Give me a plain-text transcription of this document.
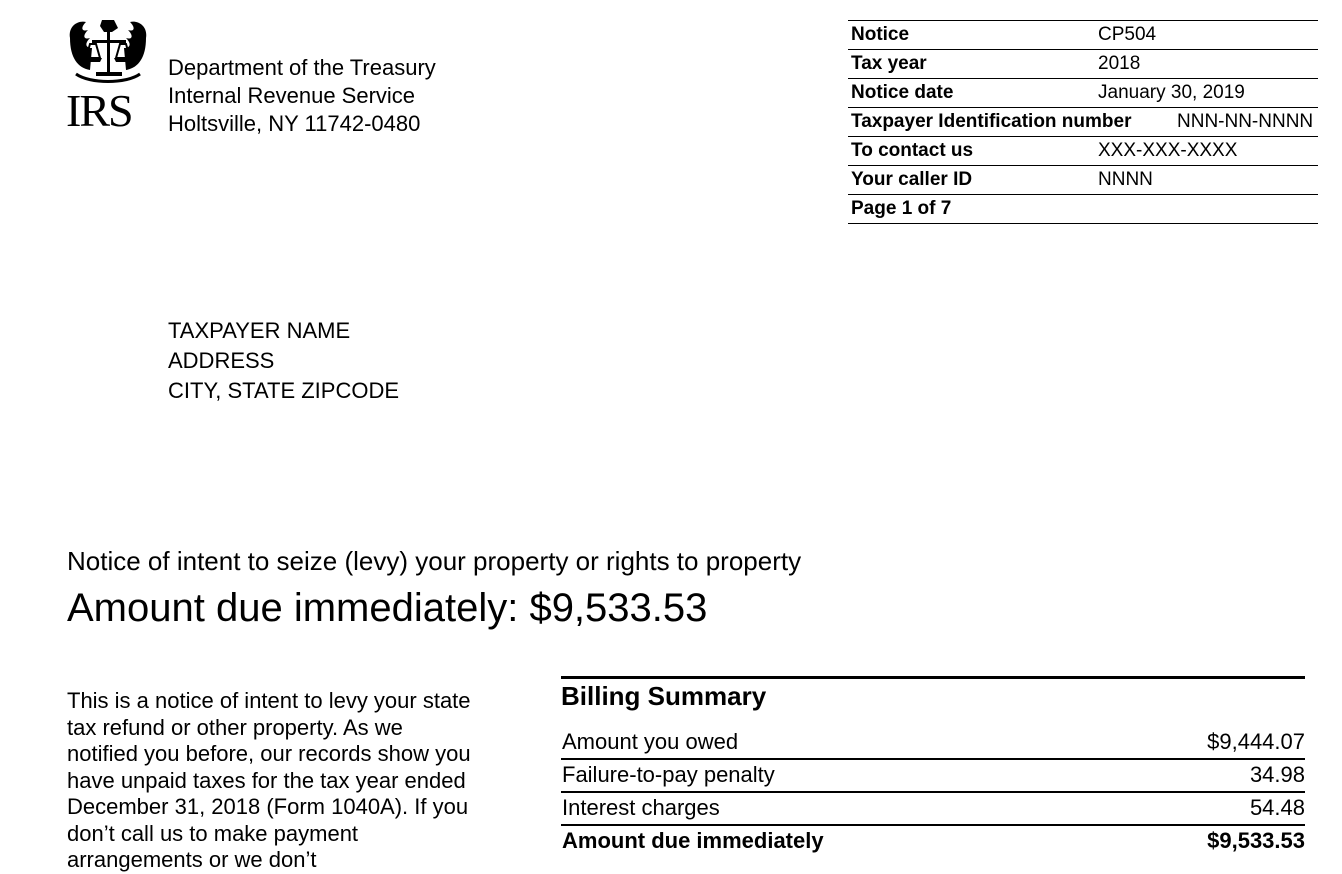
IRS
Department of the Treasury
Internal Revenue Service
Holtsville, NY 11742-0480
Notice	CP504
Tax year	2018
Notice date	January 30, 2019
Taxpayer Identification number NNN-NN-NNNN
To contact us	XXX-XXX-XXXX
Your caller ID	NNNN
Page 1 of 7
TAXPAYER NAME
ADDRESS
CITY, STATE ZIPCODE
Notice of intent to seize (levy) your property or rights to property
Amount due immediately: $9,533.53
This is a notice of intent to levy your state tax refund or other property. As we notified you before, our records show you have unpaid taxes for the tax year ended December 31, 2018 (Form 1040A). If you don’t call us to make payment arrangements or we don’t
Billing Summary
Amount you owed	$9,444.07
Failure-to-pay penalty	34.98
Interest charges	54.48
Amount due immediately	$9,533.53
